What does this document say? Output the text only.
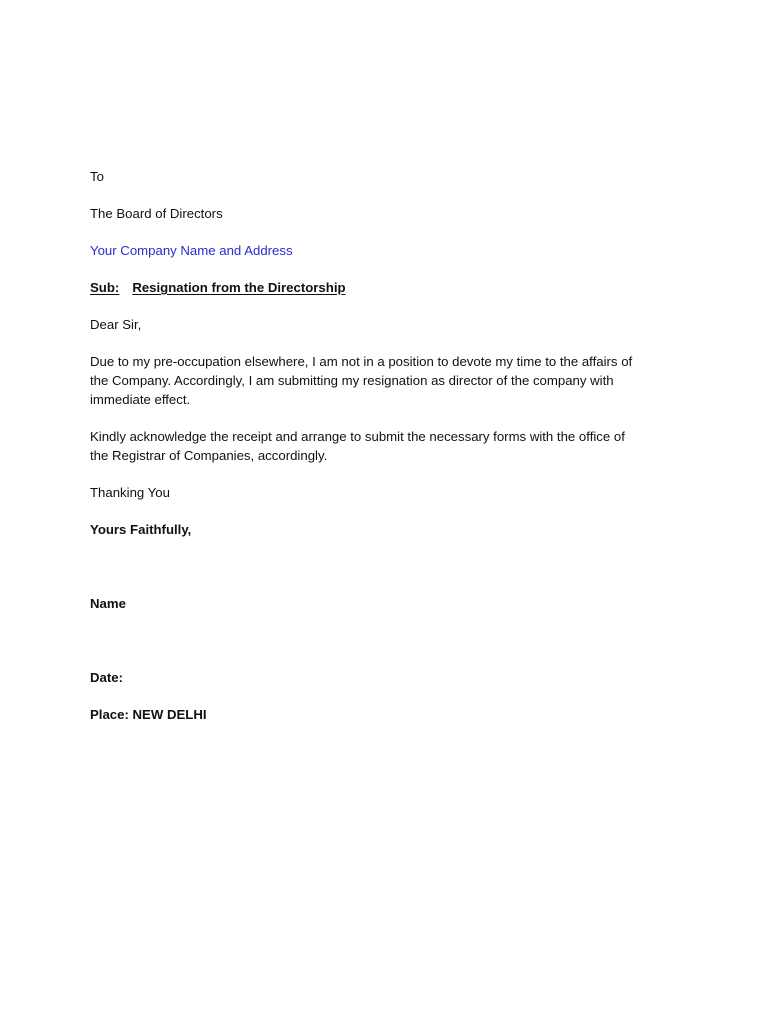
To
The Board of Directors
Your Company Name and Address
Sub: Resignation from the Directorship
Dear Sir,
Due to my pre-occupation elsewhere, I am not in a position to devote my time to the affairs of
the Company. Accordingly, I am submitting my resignation as director of the company with
immediate effect.
Kindly acknowledge the receipt and arrange to submit the necessary forms with the office of
the Registrar of Companies, accordingly.
Thanking You
Yours Faithfully,
Name
Date:
Place: NEW DELHI
